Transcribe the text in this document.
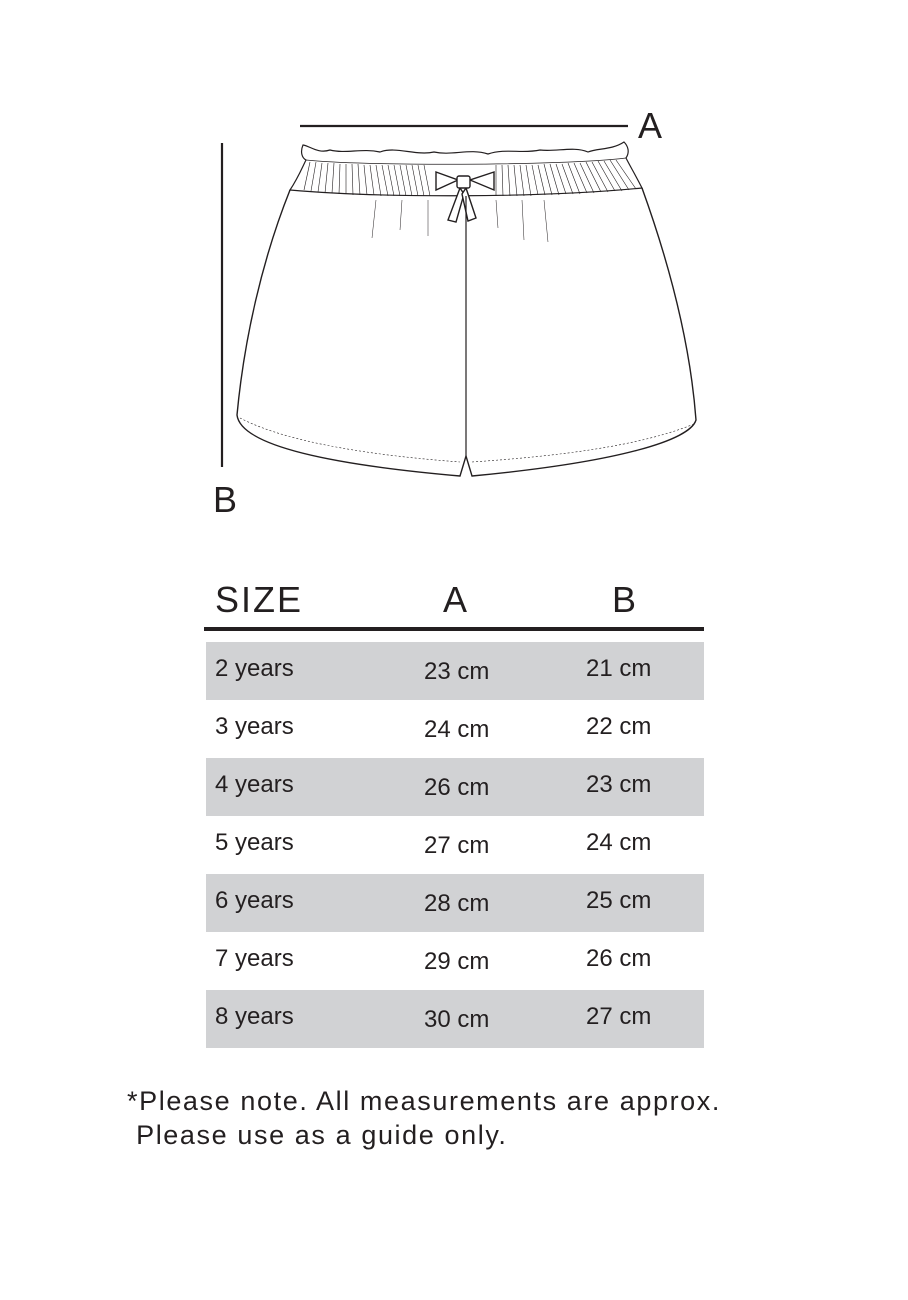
A
B
SIZE	A	B
2 years	23 cm	21 cm
3 years	24 cm	22 cm
4 years	26 cm	23 cm
5 years	27 cm	24 cm
6 years	28 cm	25 cm
7 years	29 cm	26 cm
8 years	30 cm	27 cm
*Please note. All measurements are approx.
Please use as a guide only.
